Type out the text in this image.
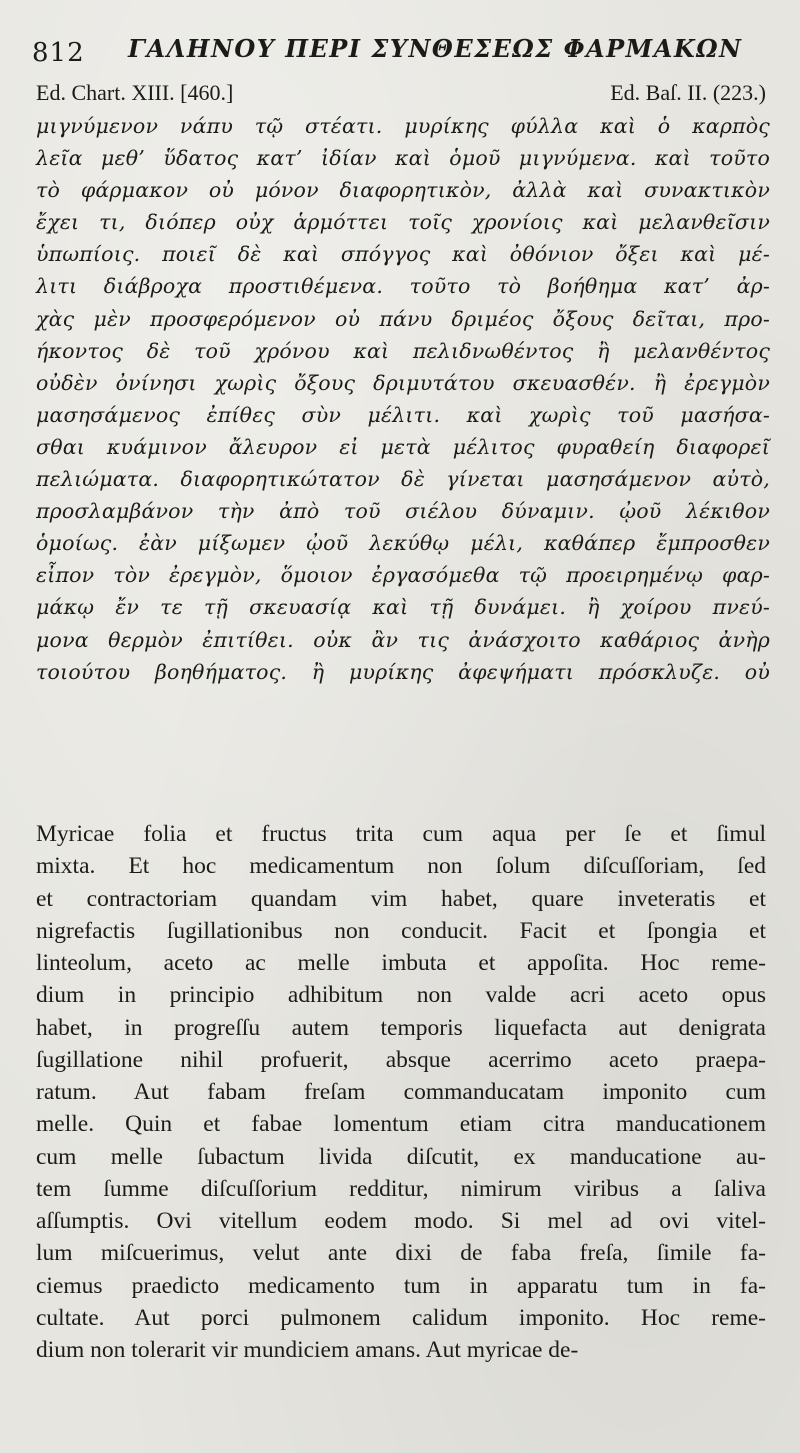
812 ΓΑΛΗΝΟΥ ΠΕΡΙ ΣΥΝΘΕΣΕΩΣ ΦΑΡΜΑΚΩΝ
Ed. Chart. XIII. [460.]	Ed. Baſ. II. (223.)
μιγνύμενον νάπυ τῷ στέατι. μυρίκης φύλλα καὶ ὁ καρπὸς
λεῖα μεθ’ ὕδατος κατ’ ἰδίαν καὶ ὁμοῦ μιγνύμενα. καὶ τοῦτο
τὸ φάρμακον οὐ μόνον διαφορητικὸν, ἀλλὰ καὶ συνακτικὸν
ἔχει τι, διόπερ οὐχ ἁρμόττει τοῖς χρονίοις καὶ μελανθεῖσιν
ὑπωπίοις. ποιεῖ δὲ καὶ σπόγγος καὶ ὀθόνιον ὄξει καὶ μέ-
λιτι διάβροχα προστιθέμενα. τοῦτο τὸ βοήθημα κατ’ ἀρ-
χὰς μὲν προσφερόμενον οὐ πάνυ δριμέος ὄξους δεῖται, προ-
ήκοντος δὲ τοῦ χρόνου καὶ πελιδνωθέντος ἢ μελανθέντος
οὐδὲν ὀνίνησι χωρὶς ὄξους δριμυτάτου σκευασθέν. ἢ ἐρεγμὸν
μασησάμενος ἐπίθες σὺν μέλιτι. καὶ χωρὶς τοῦ μασήσα-
σθαι κυάμινον ἄλευρον εἰ μετὰ μέλιτος φυραθείη διαφορεῖ
πελιώματα. διαφορητικώτατον δὲ γίνεται μασησάμενον αὐτὸ,
προσλαμβάνον τὴν ἀπὸ τοῦ σιέλου δύναμιν. ᾠοῦ λέκιθον
ὁμοίως. ἐὰν μίξωμεν ᾠοῦ λεκύθῳ μέλι, καθάπερ ἔμπροσθεν
εἶπον τὸν ἐρεγμὸν, ὅμοιον ἐργασόμεθα τῷ προειρημένῳ φαρ-
μάκῳ ἔν τε τῇ σκευασίᾳ καὶ τῇ δυνάμει. ἢ χοίρου πνεύ-
μονα θερμὸν ἐπιτίθει. οὐκ ἂν τις ἀνάσχοιτο καθάριος ἀνὴρ
τοιούτου βοηθήματος. ἢ μυρίκης ἀφεψήματι πρόσκλυζε. οὐ
Myricae folia et fructus trita cum aqua per ſe et ſimul
mixta. Et hoc medicamentum non ſolum diſcuſſoriam, ſed
et contractoriam quandam vim habet, quare inveteratis et
nigrefactis ſugillationibus non conducit. Facit et ſpongia et
linteolum, aceto ac melle imbuta et appoſita. Hoc reme-
dium in principio adhibitum non valde acri aceto opus
habet, in progreſſu autem temporis liquefacta aut denigrata
ſugillatione nihil profuerit, absque acerrimo aceto praepa-
ratum. Aut fabam freſam commanducatam imponito cum
melle. Quin et fabae lomentum etiam citra manducationem
cum melle ſubactum livida diſcutit, ex manducatione au-
tem ſumme diſcuſſorium redditur, nimirum viribus a ſaliva
aſſumptis. Ovi vitellum eodem modo. Si mel ad ovi vitel-
lum miſcuerimus, velut ante dixi de faba freſa, ſimile fa-
ciemus praedicto medicamento tum in apparatu tum in fa-
cultate. Aut porci pulmonem calidum imponito. Hoc reme-
dium non tolerarit vir mundiciem amans. Aut myricae de-
